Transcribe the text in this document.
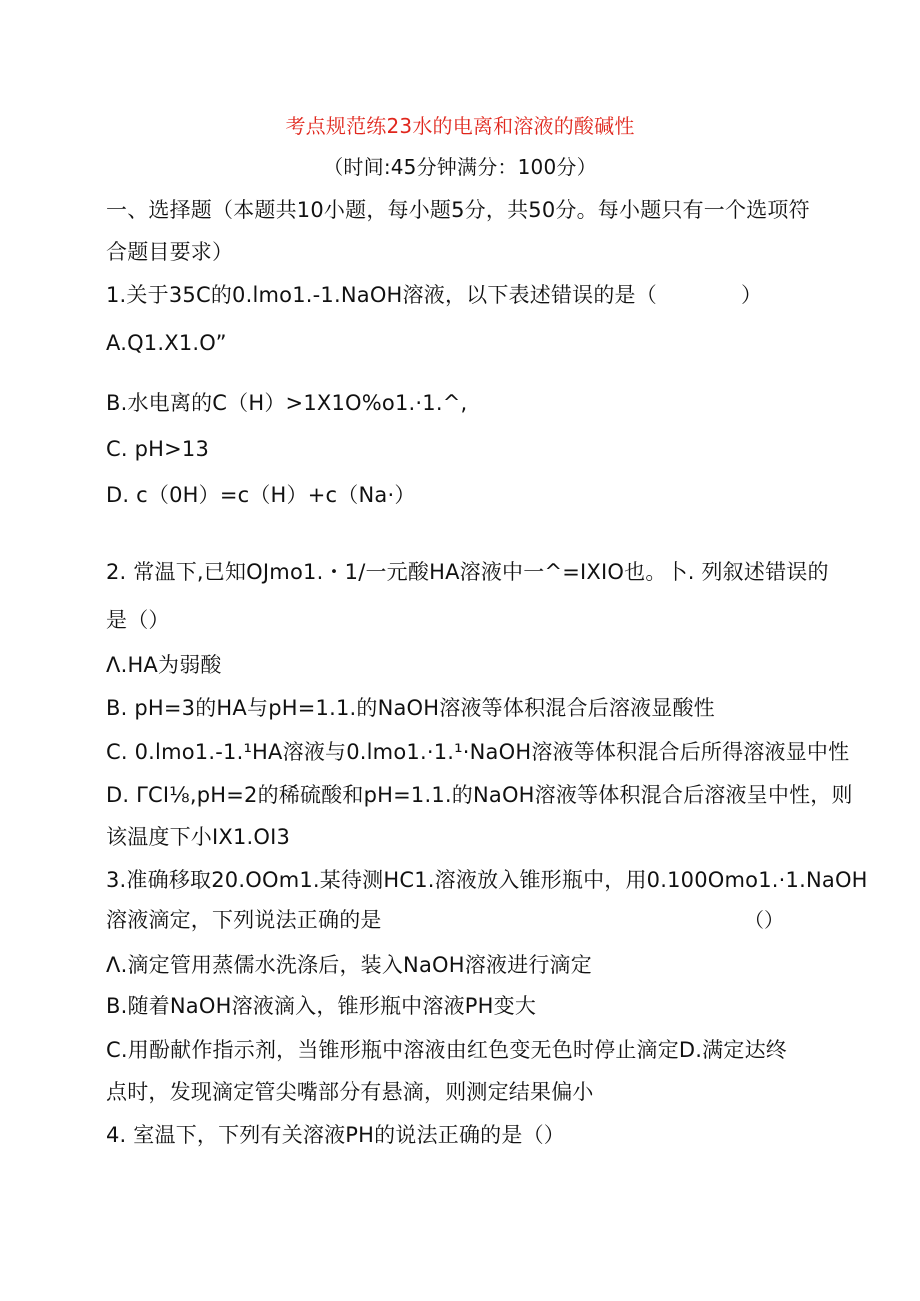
考点规范练23水的电离和溶液的酸碱性
（时间:45分钟满分：100分）
一、选择题（本题共10小题，每小题5分，共50分。每小题只有一个选项符
合题目要求）
1.关于35C的0.lmo1.-1.NaOH溶液，以下表述错误的是（	）
A.Q1.X1.O”
B.水电离的C（H）>1X1O%o1.·1.^,
C. pH>13
D. c（0H）=c（H）+c（Na·）
2. 常温下,已知OJmo1.・1/一元酸HA溶液中一^=IXIO也。卜. 列叙述错误的
是（）
Λ.HA为弱酸
B. pH=3的HA与pH=1.1.的NaOH溶液等体积混合后溶液显酸性
C. 0.lmo1.-1.¹HA溶液与0.lmo1.·1.¹·NaOH溶液等体积混合后所得溶液显中性
D. ΓCI⅛,pH=2的稀硫酸和pH=1.1.的NaOH溶液等体积混合后溶液呈中性，则
该温度下小IX1.OI3
3.准确移取20.OOm1.某待测HC1.溶液放入锥形瓶中，用0.100Omo1.·1.NaOH
溶液滴定，下列说法正确的是	（）
Λ.滴定管用蒸儒水洗涤后，装入NaOH溶液进行滴定
B.随着NaOH溶液滴入，锥形瓶中溶液PH变大
C.用酚献作指示剂，当锥形瓶中溶液由红色变无色时停止滴定D.满定达终
点时，发现滴定管尖嘴部分有悬滴，则测定结果偏小
4. 室温下，下列有关溶液PH的说法正确的是（）
